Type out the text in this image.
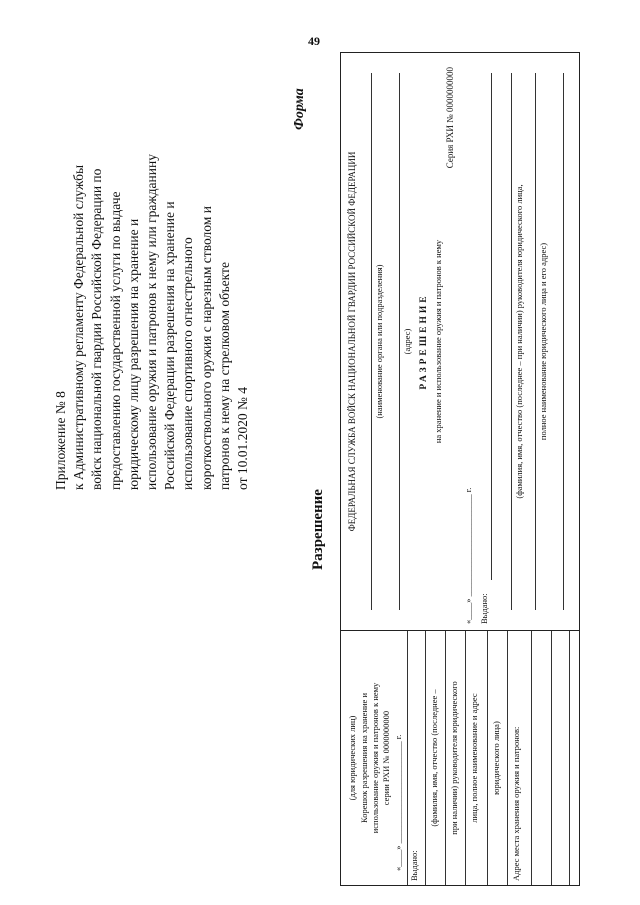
49
Приложение № 8 к Административному регламенту Федеральной службы войск национальной гвардии Российской Федерации по предоставлению государственной услуги по выдаче юридическому лицу разрешения на хранение и использование оружия и патронов к нему или гражданину Российской Федерации разрешения на хранение и использование спортивного огнестрельного короткоствольного оружия с нарезным стволом и патронов к нему на стрелковом объекте от 10.01.2020 № 4
Форма
Разрешение
(для юридических лиц) Корешок разрешения на хранение и использование оружия и патронов к нему серии РХИ № 0000000000 «____» ________________________ г. Выдано:
(фамилия, имя, отчество (последнее – при наличии) руководителя юридического лица, полное наименование и адрес юридического лица) Адрес места хранения оружия и патронов:
ФЕДЕРАЛЬНАЯ СЛУЖБА ВОЙСК НАЦИОНАЛЬНОЙ ГВАРДИИ РОССИЙСКОЙ ФЕДЕРАЦИИ (наименование органа или подразделения) (адрес) РАЗРЕШЕНИЕ на хранение и использование оружия и патронов к нему
Серия РХИ № 0000000000
«____» ________________________ г. Выдано:
(фамилия, имя, отчество (последнее – при наличии) руководителя юридического лица, полное наименование юридического лица и его адрес)
